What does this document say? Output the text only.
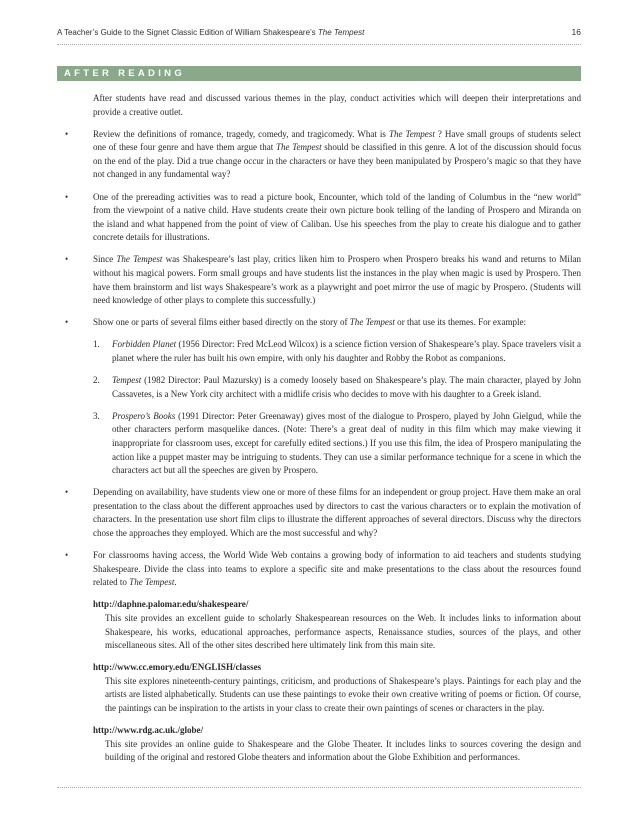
A Teacher’s Guide to the Signet Classic Edition of William Shakespeare’s The Tempest	16
AFTER READING

After students have read and discussed various themes in the play, conduct activities which will deepen their interpretations and provide a creative outlet.

•	Review the definitions of romance, tragedy, comedy, and tragicomedy. What is The Tempest ? Have small groups of students select one of these four genre and have them argue that The Tempest should be classified in this genre. A lot of the discussion should focus on the end of the play. Did a true change occur in the characters or have they been manipulated by Prospero’s magic so that they have not changed in any fundamental way?

•	One of the prereading activities was to read a picture book, Encounter, which told of the landing of Columbus in the “new world” from the viewpoint of a native child. Have students create their own picture book telling of the landing of Prospero and Miranda on the island and what happened from the point of view of Caliban. Use his speeches from the play to create his dialogue and to gather concrete details for illustrations.

•	Since The Tempest was Shakespeare’s last play, critics liken him to Prospero when Prospero breaks his wand and returns to Milan without his magical powers. Form small groups and have students list the instances in the play when magic is used by Prospero. Then have them brainstorm and list ways Shakespeare’s work as a playwright and poet mirror the use of magic by Prospero. (Students will need knowledge of other plays to complete this successfully.)

•	Show one or parts of several films either based directly on the story of The Tempest or that use its themes. For example:

1. Forbidden Planet (1956 Director: Fred McLeod Wilcox) is a science fiction version of Shakespeare’s play. Space travelers visit a planet where the ruler has built his own empire, with only his daughter and Robby the Robot as companions.

2. Tempest (1982 Director: Paul Mazursky) is a comedy loosely based on Shakespeare’s play. The main character, played by John Cassavetes, is a New York city architect with a midlife crisis who decides to move with his daughter to a Greek island.

3. Prospero’s Books (1991 Director: Peter Greenaway) gives most of the dialogue to Prospero, played by John Gielgud, while the other characters perform masquelike dances. (Note: There’s a great deal of nudity in this film which may make viewing it inappropriate for classroom uses, except for carefully edited sections.) If you use this film, the idea of Prospero manipulating the action like a puppet master may be intriguing to students. They can use a similar performance technique for a scene in which the characters act but all the speeches are given by Prospero.

•	Depending on availability, have students view one or more of these films for an independent or group project. Have them make an oral presentation to the class about the different approaches used by directors to cast the various characters or to explain the motivation of characters. In the presentation use short film clips to illustrate the different approaches of several directors. Discuss why the directors chose the approaches they employed. Which are the most successful and why?

•	For classrooms having access, the World Wide Web contains a growing body of information to aid teachers and students studying Shakespeare. Divide the class into teams to explore a specific site and make presentations to the class about the resources found related to The Tempest.

http://daphne.palomar.edu/shakespeare/

This site provides an excellent guide to scholarly Shakespearean resources on the Web. It includes links to information about Shakespeare, his works, educational approaches, performance aspects, Renaissance studies, sources of the plays, and other miscellaneous sites. All of the other sites described here ultimately link from this main site.

http://www.cc.emory.edu/ENGLISH/classes

This site explores nineteenth-century paintings, criticism, and productions of Shakespeare’s plays. Paintings for each play and the artists are listed alphabetically. Students can use these paintings to evoke their own creative writing of poems or fiction. Of course, the paintings can be inspiration to the artists in your class to create their own paintings of scenes or characters in the play.

http://www.rdg.ac.uk./globe/

This site provides an online guide to Shakespeare and the Globe Theater. It includes links to sources covering the design and building of the original and restored Globe theaters and information about the Globe Exhibition and performances.
